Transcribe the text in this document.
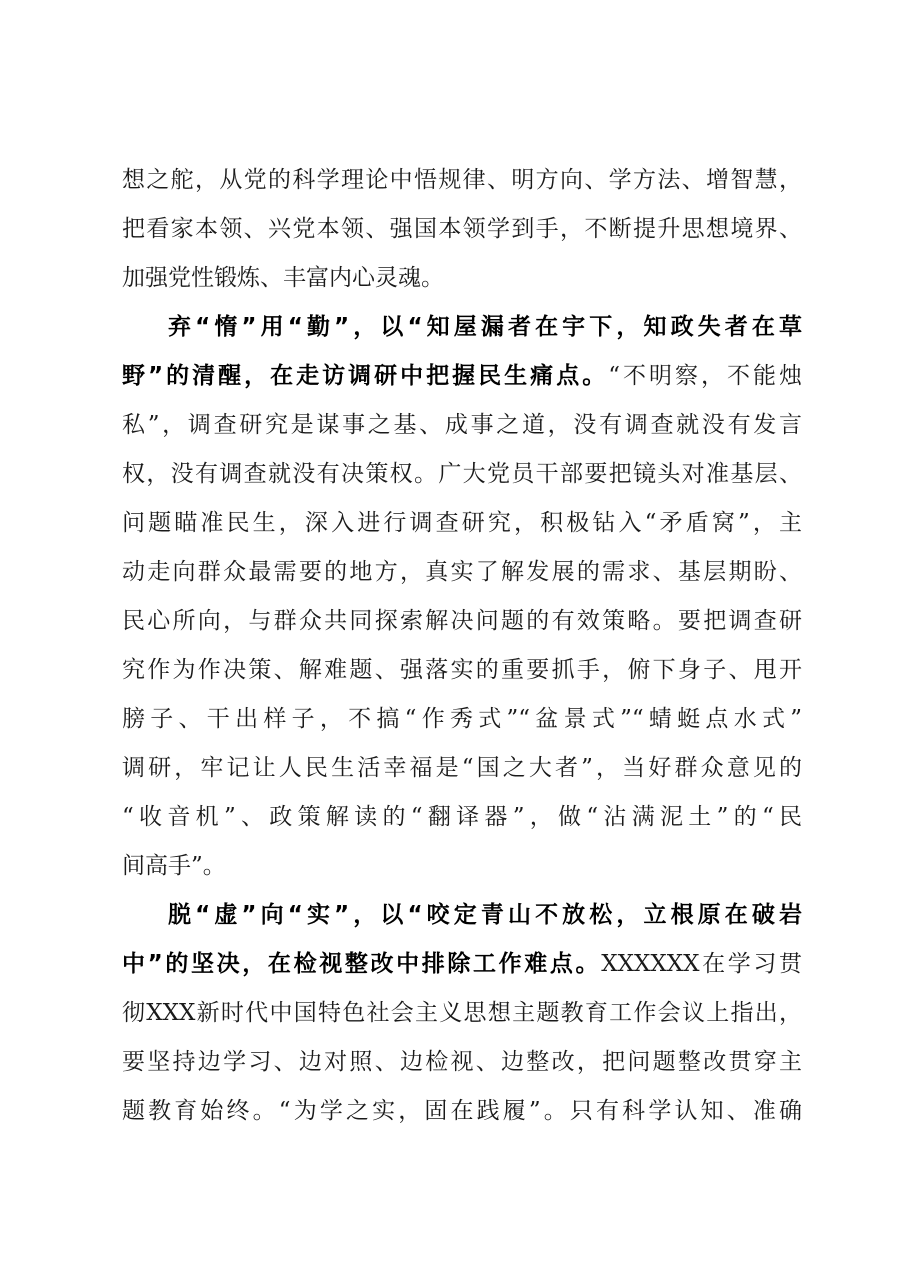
想之舵，从党的科学理论中悟规律、明方向、学方法、增智慧，
把看家本领、兴党本领、强国本领学到手，不断提升思想境界、
加强党性锻炼、丰富内心灵魂。
弃“惰”用“勤”，以“知屋漏者在宇下，知政失者在草
野”的清醒，在走访调研中把握民生痛点。“不明察，不能烛
私”，调查研究是谋事之基、成事之道，没有调查就没有发言
权，没有调查就没有决策权。广大党员干部要把镜头对准基层、
问题瞄准民生，深入进行调查研究，积极钻入“矛盾窝”，主
动走向群众最需要的地方，真实了解发展的需求、基层期盼、
民心所向，与群众共同探索解决问题的有效策略。要把调查研
究作为作决策、解难题、强落实的重要抓手，俯下身子、甩开
膀子、干出样子，不搞“作秀式”“盆景式”“蜻蜓点水式”
调研，牢记让人民生活幸福是“国之大者”，当好群众意见的
“收音机”、政策解读的“翻译器”，做“沾满泥土”的“民
间高手”。
脱“虚”向“实”，以“咬定青山不放松，立根原在破岩
中”的坚决，在检视整改中排除工作难点。XXXXXX在学习贯
彻XXX新时代中国特色社会主义思想主题教育工作会议上指出，
要坚持边学习、边对照、边检视、边整改，把问题整改贯穿主
题教育始终。“为学之实，固在践履”。只有科学认知、准确
